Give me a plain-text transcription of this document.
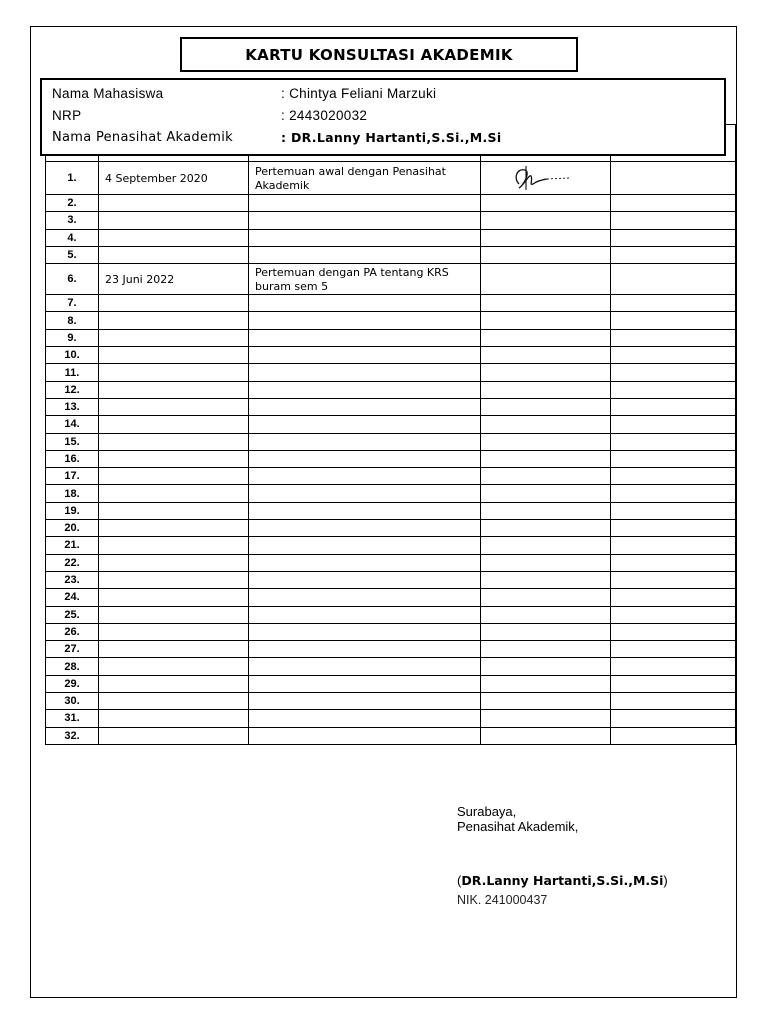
KARTU KONSULTASI AKADEMIK
Nama Mahasiswa	: Chintya Feliani Marzuki
NRP	: 2443020032
Nama Penasihat Akademik	: DR.Lanny Hartanti,S.Si.,M.Si

1.	4 September 2020	Pertemuan awal dengan Penasihat Akademik	

2.				
3.				
4.				
5.				
6.	23 Juni 2022	Pertemuan dengan PA tentang KRS buram sem 5		
7.				
8.				
9.				
10.				
11.				
12.				
13.				
14.				
15.				
16.				
17.				
18.				
19.				
20.				
21.				
22.				
23.				
24.				
25.				
26.				
27.				
28.				
29.				
30.				
31.				
32.				
Surabaya,
Penasihat Akademik,
(DR.Lanny Hartanti,S.Si.,M.Si)
NIK. 241000437
